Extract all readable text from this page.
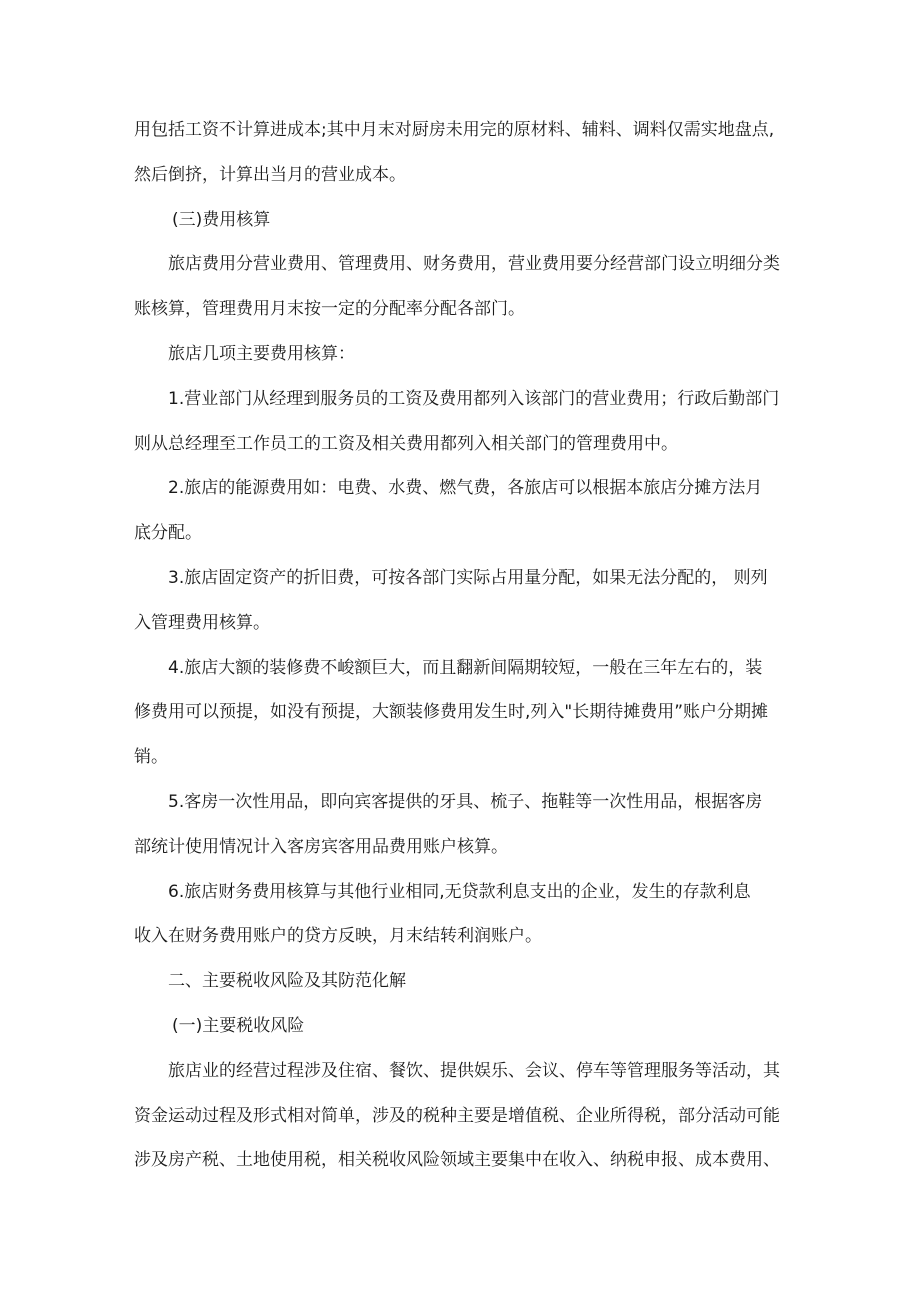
用包括工资不计算进成本;其中月末对厨房未用完的原材料、辅料、调料仅需实地盘点,
然后倒挤，计算出当月的营业成本。

(三)费用核算

旅店费用分营业费用、管理费用、财务费用，营业费用要分经营部门设立明细分类
账核算，管理费用月末按一定的分配率分配各部门。

旅店几项主要费用核算：

1.营业部门从经理到服务员的工资及费用都列入该部门的营业费用；行政后勤部门
则从总经理至工作员工的工资及相关费用都列入相关部门的管理费用中。

2.旅店的能源费用如：电费、水费、燃气费，各旅店可以根据本旅店分摊方法月
底分配。

3.旅店固定资产的折旧费，可按各部门实际占用量分配，如果无法分配的， 则列
入管理费用核算。

4.旅店大额的装修费不峻额巨大，而且翻新间隔期较短，一般在三年左右的，装
修费用可以预提，如没有预提，大额装修费用发生时,列入"长期待摊费用”账户分期摊
销。

5.客房一次性用品，即向宾客提供的牙具、梳子、拖鞋等一次性用品，根据客房
部统计使用情况计入客房宾客用品费用账户核算。

6.旅店财务费用核算与其他行业相同,无贷款利息支出的企业，发生的存款利息
收入在财务费用账户的贷方反映，月末结转利润账户。

二、主要税收风险及其防范化解

(一)主要税收风险

旅店业的经营过程涉及住宿、餐饮、提供娱乐、会议、停车等管理服务等活动，其
资金运动过程及形式相对简单，涉及的税种主要是增值税、企业所得税，部分活动可能
涉及房产税、土地使用税，相关税收风险领域主要集中在收入、纳税申报、成本费用、
